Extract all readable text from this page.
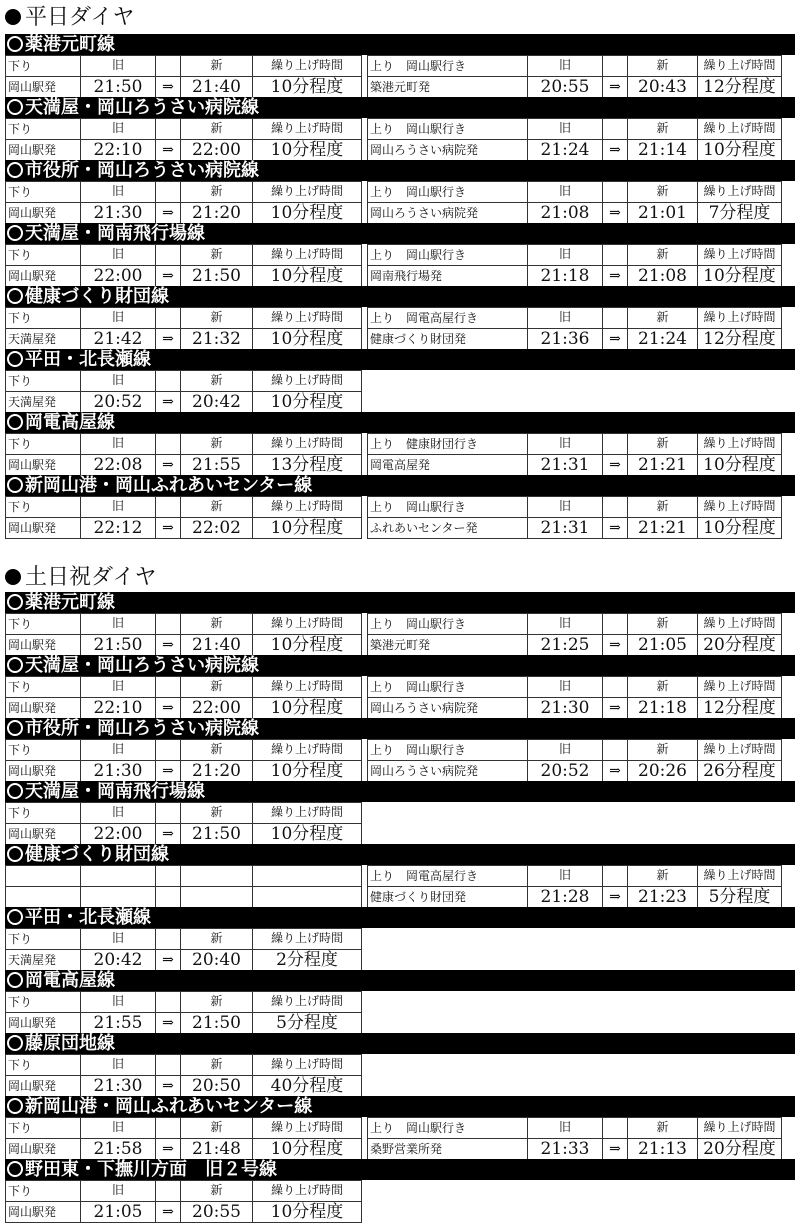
平日ダイヤ
薬港元町線
下り	旧	新	繰り上げ時間
岡山駅発	21:50	⇒	21:40	10分程度
上り　岡山駅行き	旧	新	繰り上げ時間
築港元町発	20:55	⇒	20:43 12分程度
天満屋・岡山ろうさい病院線
下り	旧	新	繰り上げ時間
岡山駅発	22:10	⇒	22:00	10分程度
上り　岡山駅行き	旧	新	繰り上げ時間
岡山ろうさい病院発	21:24	⇒	21:14 10分程度
市役所・岡山ろうさい病院線
下り	旧	新	繰り上げ時間
岡山駅発	21:30	⇒	21:20	10分程度
上り　岡山駅行き	旧	新	繰り上げ時間
岡山ろうさい病院発	21:08	⇒	21:01	7分程度
天満屋・岡南飛行場線
下り	旧	新	繰り上げ時間
岡山駅発	22:00	⇒	21:50	10分程度
上り　岡山駅行き	旧	新	繰り上げ時間
岡南飛行場発	21:18	⇒	21:08 10分程度
健康づくり財団線
下り	旧	新	繰り上げ時間
天満屋発	21:42	⇒	21:32	10分程度
上り　岡電高屋行き	旧	新	繰り上げ時間
健康づくり財団発	21:36	⇒	21:24 12分程度
平田・北長瀬線
下り	旧	新	繰り上げ時間
天満屋発	20:52	⇒	20:42	10分程度
岡電高屋線
下り	旧	新	繰り上げ時間
岡山駅発	22:08	⇒	21:55	13分程度
上り　健康財団行き	旧	新	繰り上げ時間
岡電高屋発	21:31	⇒	21:21 10分程度
新岡山港・岡山ふれあいセンター線
下り	旧	新	繰り上げ時間
岡山駅発	22:12	⇒	22:02	10分程度
上り　岡山駅行き	旧	新	繰り上げ時間
ふれあいセンター発	21:31	⇒	21:21 10分程度
土日祝ダイヤ
薬港元町線
下り	旧	新	繰り上げ時間
岡山駅発	21:50	⇒	21:40	10分程度
上り　岡山駅行き	旧	新	繰り上げ時間
築港元町発	21:25	⇒	21:05 20分程度
天満屋・岡山ろうさい病院線
下り	旧	新	繰り上げ時間
岡山駅発	22:10	⇒	22:00	10分程度
上り　岡山駅行き	旧	新	繰り上げ時間
岡山ろうさい病院発	21:30	⇒	21:18 12分程度
市役所・岡山ろうさい病院線
下り	旧	新	繰り上げ時間
岡山駅発	21:30	⇒	21:20	10分程度
上り　岡山駅行き	旧	新	繰り上げ時間
岡山ろうさい病院発	20:52	⇒	20:26 26分程度
天満屋・岡南飛行場線
下り	旧	新	繰り上げ時間
岡山駅発	22:00	⇒	21:50	10分程度
健康づくり財団線
上り　岡電高屋行き	旧	新	繰り上げ時間
健康づくり財団発	21:28	⇒	21:23	5分程度
平田・北長瀬線
下り	旧	新	繰り上げ時間
天満屋発	20:42	⇒	20:40	2分程度
岡電高屋線
下り	旧	新	繰り上げ時間
岡山駅発	21:55	⇒	21:50	5分程度
藤原団地線
下り	旧	新	繰り上げ時間
岡山駅発	21:30	⇒	20:50	40分程度
新岡山港・岡山ふれあいセンター線
下り	旧	新	繰り上げ時間
岡山駅発	21:58	⇒	21:48	10分程度
上り　岡山駅行き	旧	新	繰り上げ時間
桑野営業所発	21:33	⇒	21:13 20分程度
野田東・下撫川方面　旧２号線
下り	旧	新	繰り上げ時間
岡山駅発	21:05	⇒	20:55	10分程度
